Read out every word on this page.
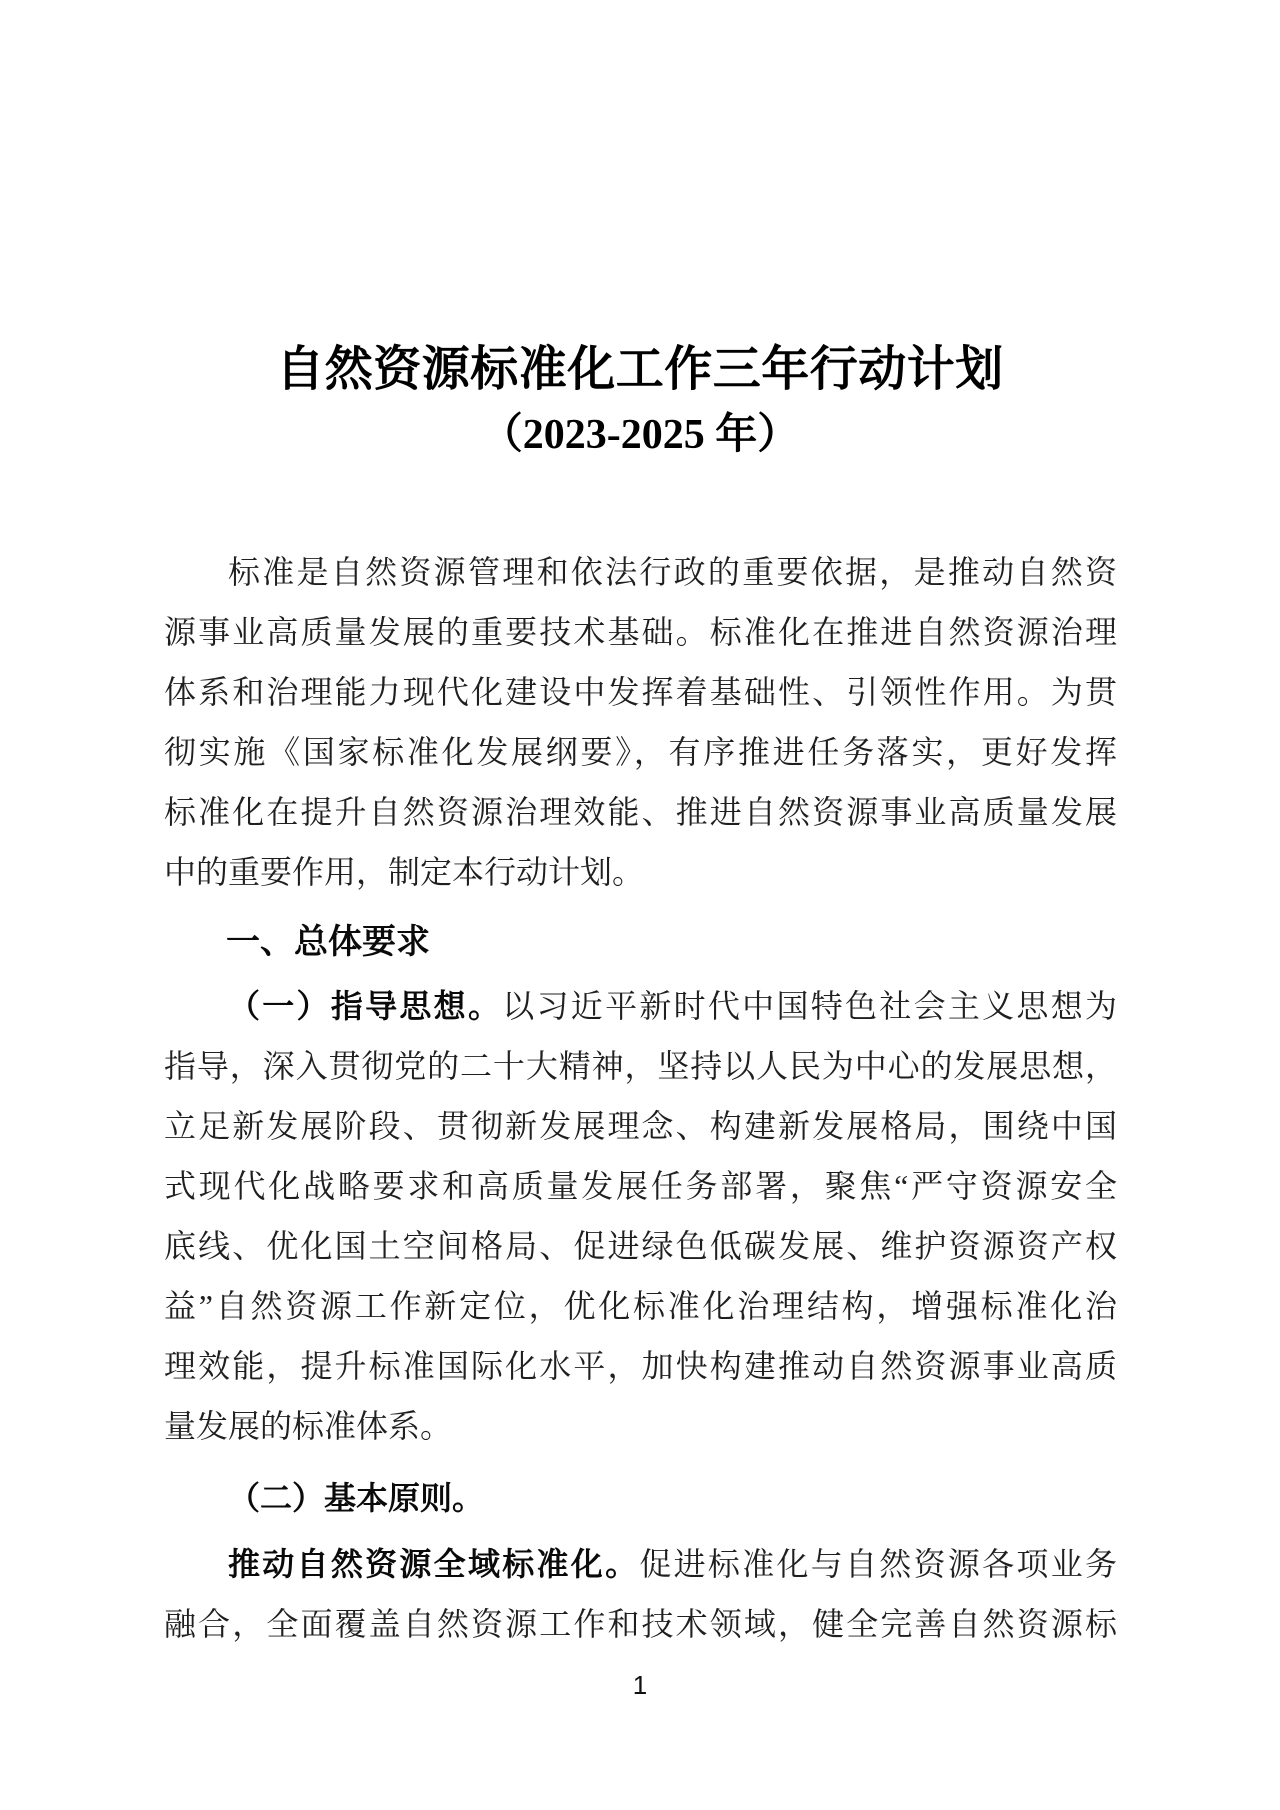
自然资源标准化工作三年行动计划
（2023-2025 年）
标准是自然资源管理和依法行政的重要依据，是推动自然资
源事业高质量发展的重要技术基础。标准化在推进自然资源治理
体系和治理能力现代化建设中发挥着基础性、引领性作用。为贯
彻实施《国家标准化发展纲要》，有序推进任务落实，更好发挥
标准化在提升自然资源治理效能、推进自然资源事业高质量发展
中的重要作用，制定本行动计划。
一、总体要求
（一）指导思想。以习近平新时代中国特色社会主义思想为
指导，深入贯彻党的二十大精神，坚持以人民为中心的发展思想，
立足新发展阶段、贯彻新发展理念、构建新发展格局，围绕中国
式现代化战略要求和高质量发展任务部署，聚焦“严守资源安全
底线、优化国土空间格局、促进绿色低碳发展、维护资源资产权
益”自然资源工作新定位，优化标准化治理结构，增强标准化治
理效能，提升标准国际化水平，加快构建推动自然资源事业高质
量发展的标准体系。
（二）基本原则。
推动自然资源全域标准化。促进标准化与自然资源各项业务
融合，全面覆盖自然资源工作和技术领域，健全完善自然资源标
1
